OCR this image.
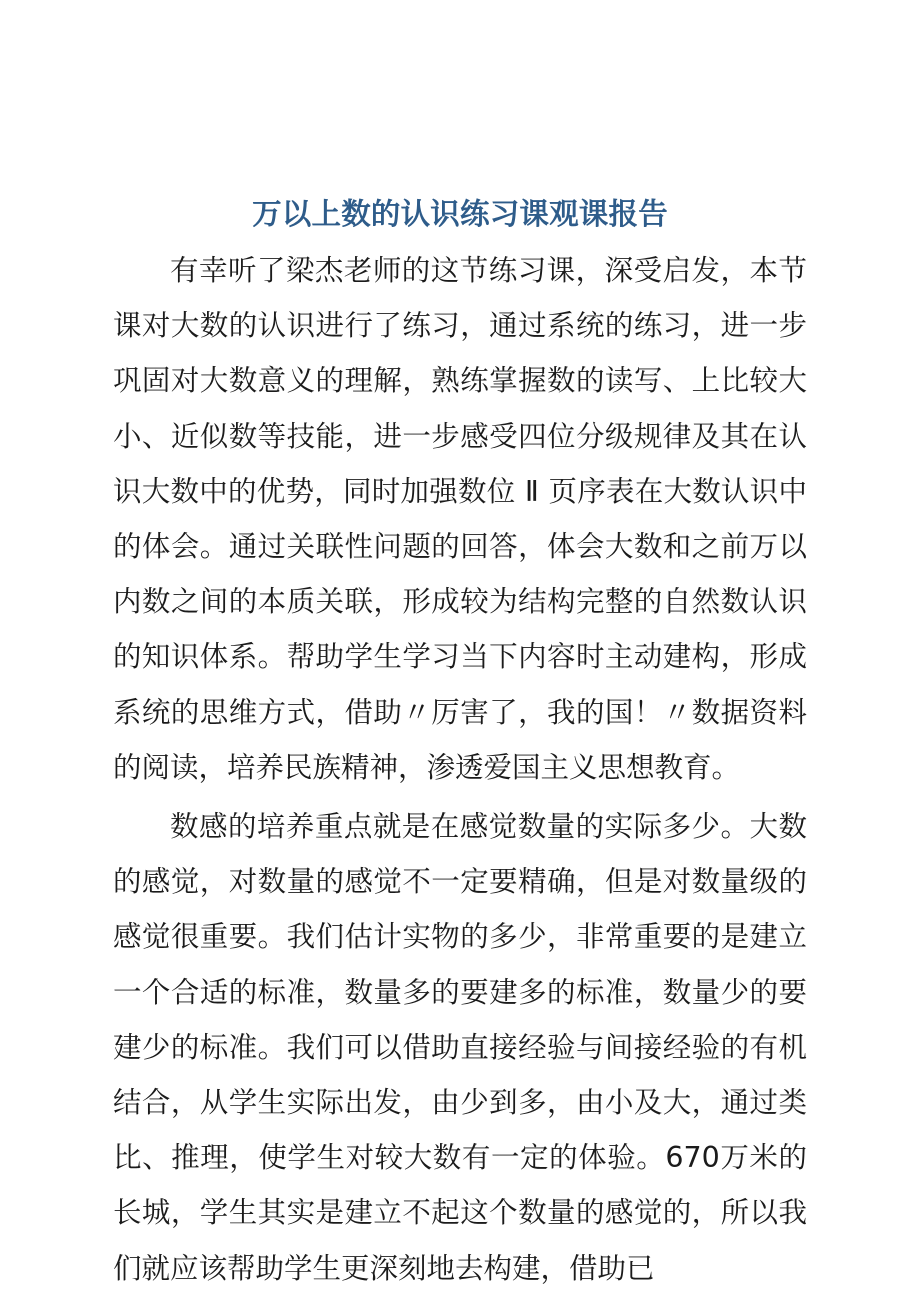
万以上数的认识练习课观课报告

有幸听了梁杰老师的这节练习课，深受启发，本节课对大数的认识进行了练习，通过系统的练习，进一步巩固对大数意义的理解，熟练掌握数的读写、上比较大小、近似数等技能，进一步感受四位分级规律及其在认识大数中的优势，同时加强数位 Ⅱ 页序表在大数认识中的体会。通过关联性问题的回答，体会大数和之前万以内数之间的本质关联，形成较为结构完整的自然数认识的知识体系。帮助学生学习当下内容时主动建构，形成系统的思维方式，借助〃厉害了，我的国！〃数据资料的阅读，培养民族精神，渗透爱国主义思想教育。

数感的培养重点就是在感觉数量的实际多少。大数的感觉，对数量的感觉不一定要精确，但是对数量级的感觉很重要。我们估计实物的多少，非常重要的是建立一个合适的标准，数量多的要建多的标准，数量少的要建少的标准。我们可以借助直接经验与间接经验的有机结合，从学生实际出发，由少到多，由小及大，通过类比、推理，使学生对较大数有一定的体验。670万米的长城，学生其实是建立不起这个数量的感觉的，所以我们就应该帮助学生更深刻地去构建，借助已
